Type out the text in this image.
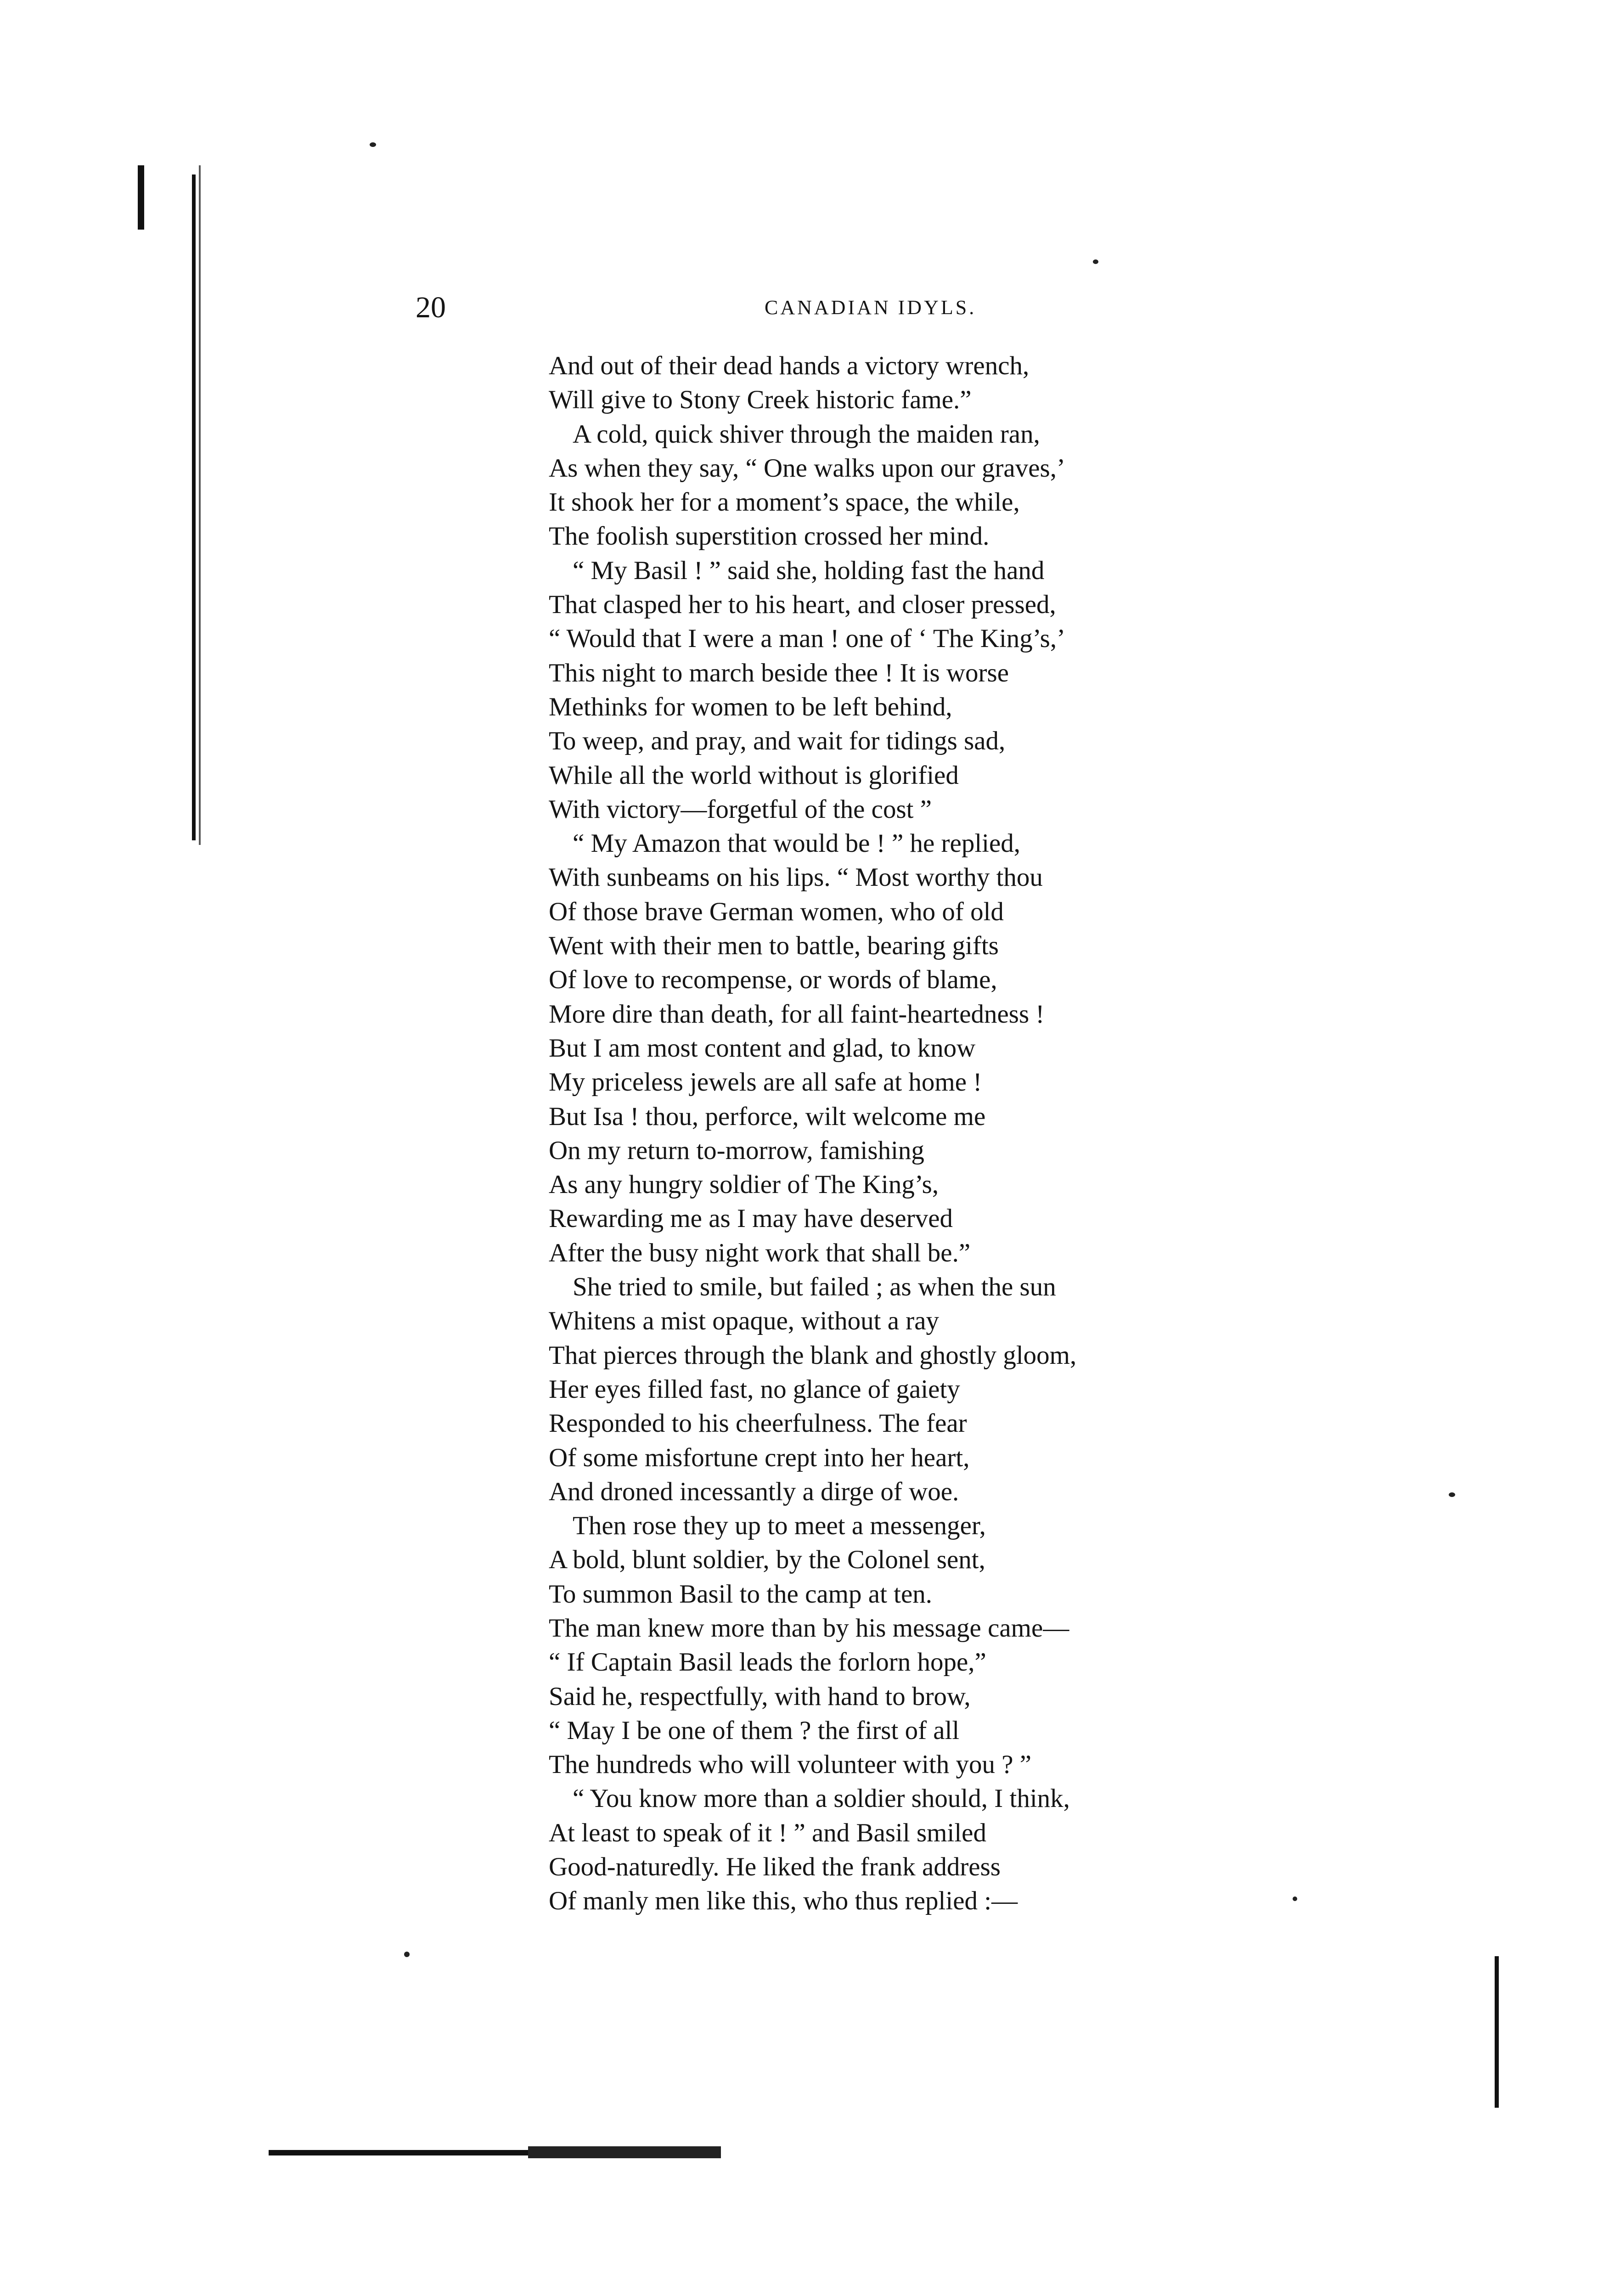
20	CANADIAN IDYLS.
And out of their dead hands a victory wrench,
Will give to Stony Creek historic fame.”
A cold, quick shiver through the maiden ran,
As when they say, “ One walks upon our graves,’
It shook her for a moment’s space, the while,
The foolish superstition crossed her mind.
“ My Basil ! ” said she, holding fast the hand
That clasped her to his heart, and closer pressed,
“ Would that I were a man ! one of ‘ The King’s,’
This night to march beside thee ! It is worse
Methinks for women to be left behind,
To weep, and pray, and wait for tidings sad,
While all the world without is glorified
With victory—forgetful of the cost ”
“ My Amazon that would be ! ” he replied,
With sunbeams on his lips. “ Most worthy thou
Of those brave German women, who of old
Went with their men to battle, bearing gifts
Of love to recompense, or words of blame,
More dire than death, for all faint-heartedness !
But I am most content and glad, to know
My priceless jewels are all safe at home !
But Isa ! thou, perforce, wilt welcome me
On my return to-morrow, famishing
As any hungry soldier of The King’s,
Rewarding me as I may have deserved
After the busy night work that shall be.”
She tried to smile, but failed ; as when the sun
Whitens a mist opaque, without a ray
That pierces through the blank and ghostly gloom,
Her eyes filled fast, no glance of gaiety
Responded to his cheerfulness. The fear
Of some misfortune crept into her heart,
And droned incessantly a dirge of woe.
Then rose they up to meet a messenger,
A bold, blunt soldier, by the Colonel sent,
To summon Basil to the camp at ten.
The man knew more than by his message came—
“ If Captain Basil leads the forlorn hope,”
Said he, respectfully, with hand to brow,
“ May I be one of them ? the first of all
The hundreds who will volunteer with you ? ”
“ You know more than a soldier should, I think,
At least to speak of it ! ” and Basil smiled
Good-naturedly. He liked the frank address
Of manly men like this, who thus replied :—
